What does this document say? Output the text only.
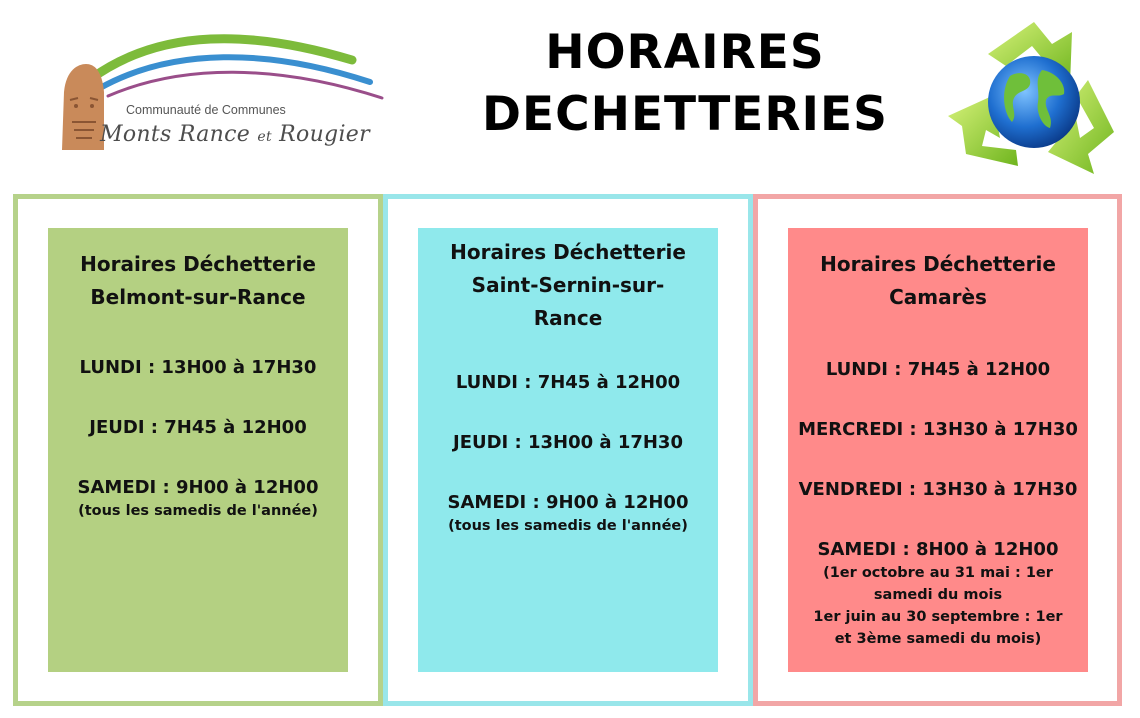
Communauté de Communes
Monts Rance et Rougier
HORAIRES
DECHETTERIES
Horaires Déchetterie
Belmont-sur-Rance

LUNDI : 13H00 à 17H30

JEUDI : 7H45 à 12H00

SAMEDI : 9H00 à 12H00

(tous les samedis de l'année)

Horaires Déchetterie
Saint-Sernin-sur-
Rance

LUNDI : 7H45 à 12H00

JEUDI : 13H00 à 17H30

SAMEDI : 9H00 à 12H00

(tous les samedis de l'année)

Horaires Déchetterie
Camarès

LUNDI : 7H45 à 12H00

MERCREDI : 13H30 à 17H30

VENDREDI : 13H30 à 17H30

SAMEDI : 8H00 à 12H00

(1er octobre au 31 mai : 1er

samedi du mois

1er juin au 30 septembre : 1er

et 3ème samedi du mois)
